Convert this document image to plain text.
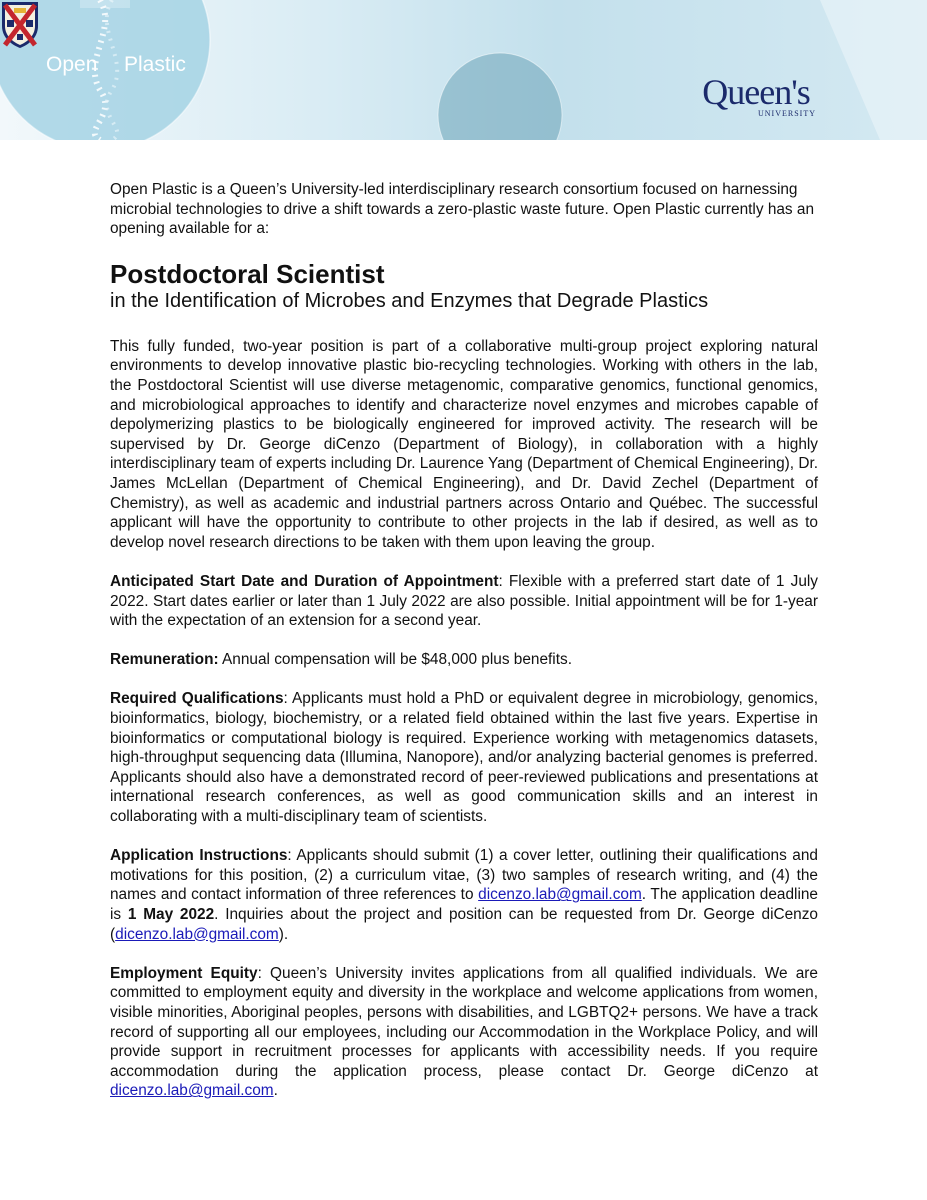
Open Plastic
Queen's
UNIVERSITY

Open Plastic is a Queen’s University-led interdisciplinary research consortium focused on harnessing microbial technologies to drive a shift towards a zero-plastic waste future. Open Plastic currently has an opening available for a:

Postdoctoral Scientist
in the Identification of Microbes and Enzymes that Degrade Plastics

This fully funded, two-year position is part of a collaborative multi-group project exploring natural environments to develop innovative plastic bio-recycling technologies. Working with others in the lab, the Postdoctoral Scientist will use diverse metagenomic, comparative genomics, functional genomics, and microbiological approaches to identify and characterize novel enzymes and microbes capable of depolymerizing plastics to be biologically engineered for improved activity. The research will be supervised by Dr. George diCenzo (Department of Biology), in collaboration with a highly interdisciplinary team of experts including Dr. Laurence Yang (Department of Chemical Engineering), Dr. James McLellan (Department of Chemical Engineering), and Dr. David Zechel (Department of Chemistry), as well as academic and industrial partners across Ontario and Québec. The successful applicant will have the opportunity to contribute to other projects in the lab if desired, as well as to develop novel research directions to be taken with them upon leaving the group.

Anticipated Start Date and Duration of Appointment: Flexible with a preferred start date of 1 July 2022. Start dates earlier or later than 1 July 2022 are also possible. Initial appointment will be for 1-year with the expectation of an extension for a second year.

Remuneration: Annual compensation will be $48,000 plus benefits.

Required Qualifications: Applicants must hold a PhD or equivalent degree in microbiology, genomics, bioinformatics, biology, biochemistry, or a related field obtained within the last five years. Expertise in bioinformatics or computational biology is required. Experience working with metagenomics datasets, high-throughput sequencing data (Illumina, Nanopore), and/or analyzing bacterial genomes is preferred. Applicants should also have a demonstrated record of peer-reviewed publications and presentations at international research conferences, as well as good communication skills and an interest in collaborating with a multi-disciplinary team of scientists.

Application Instructions: Applicants should submit (1) a cover letter, outlining their qualifications and motivations for this position, (2) a curriculum vitae, (3) two samples of research writing, and (4) the names and contact information of three references to dicenzo.lab@gmail.com. The application deadline is 1 May 2022. Inquiries about the project and position can be requested from Dr. George diCenzo (dicenzo.lab@gmail.com).

Employment Equity: Queen’s University invites applications from all qualified individuals. We are committed to employment equity and diversity in the workplace and welcome applications from women, visible minorities, Aboriginal peoples, persons with disabilities, and LGBTQ2+ persons. We have a track record of supporting all our employees, including our Accommodation in the Workplace Policy, and will provide support in recruitment processes for applicants with accessibility needs. If you require accommodation during the application process, please contact Dr. George diCenzo at dicenzo.lab@gmail.com.
